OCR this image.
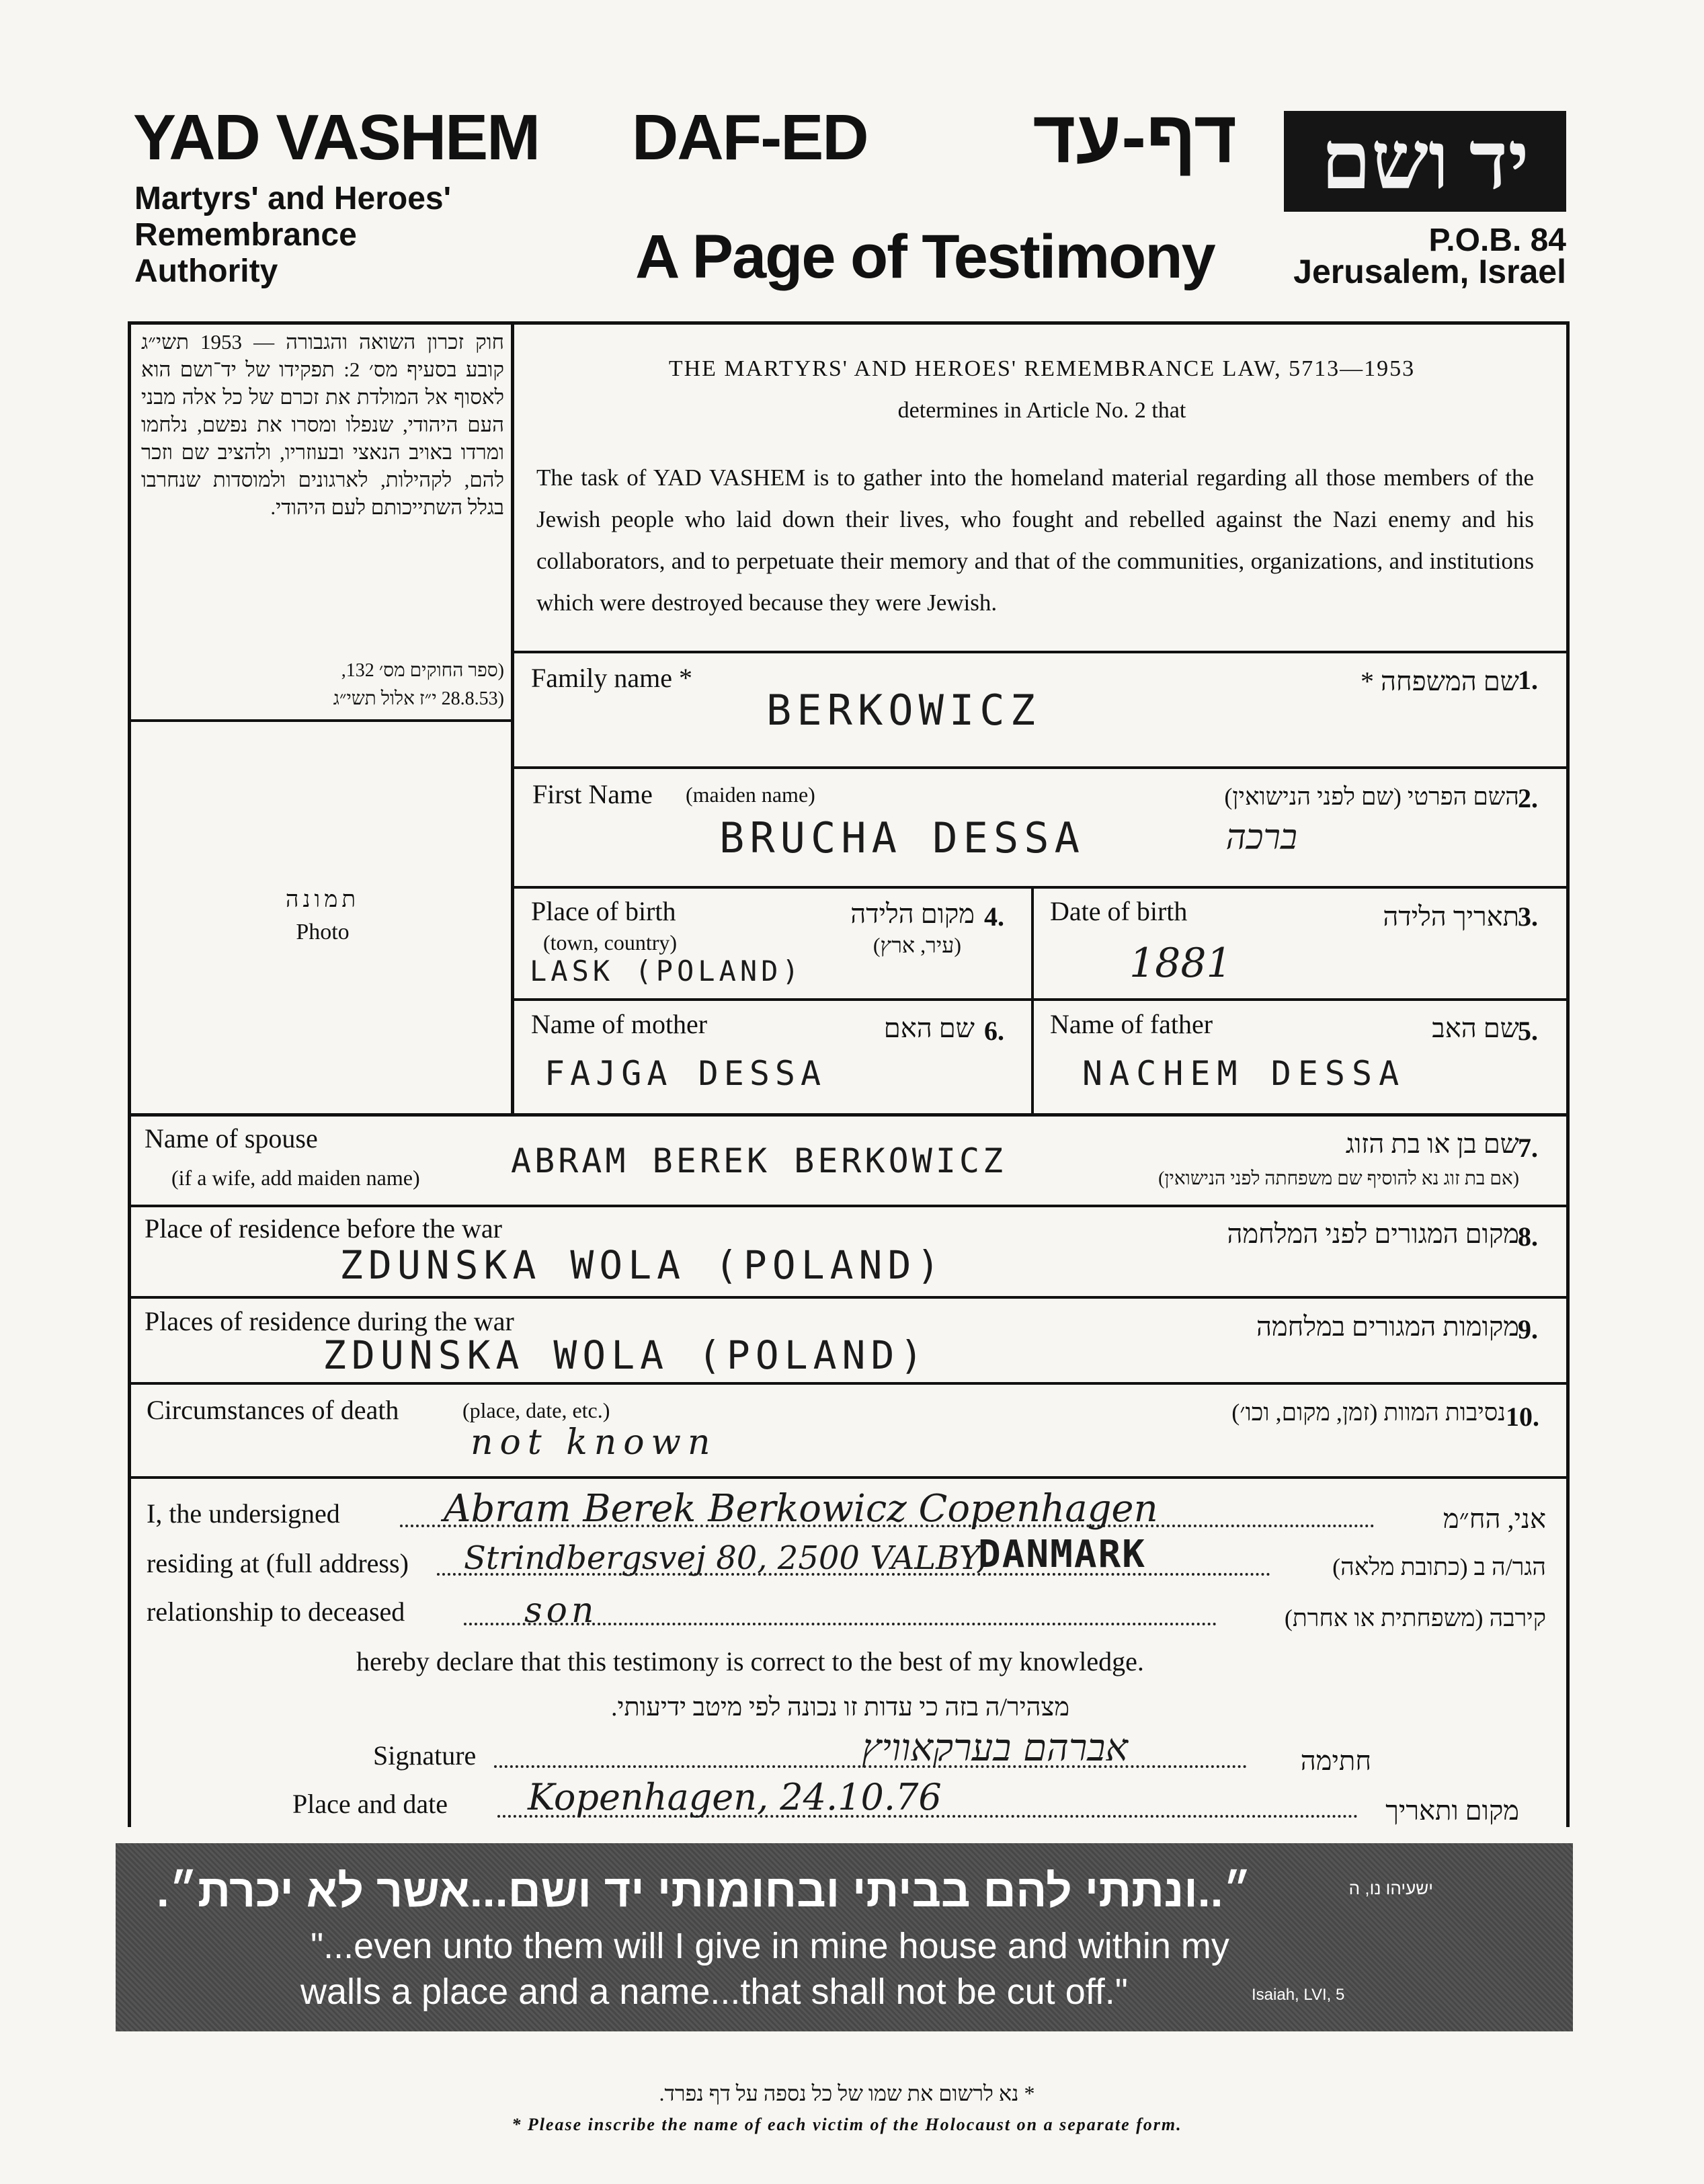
YAD VASHEM
Martyrs' and Heroes'
Remembrance
Authority
DAF-ED	דף-עד
A Page of Testimony
יד ושם
P.O.B. 84
Jerusalem, Israel
חוק זכרון השואה והגבורה — 1953 תשי״ג קובע בסעיף מס׳ 2: תפקידו של יד־ושם הוא לאסוף אל המולדת את זכרם של כל אלה מבני העם היהודי, שנפלו ומסרו את נפשם, נלחמו ומרדו באויב הנאצי ובעוזריו, ולהציב שם וזכר להם, לקהילות, לארגונים ולמוסדות שנחרבו בגלל השתייכותם לעם היהודי.
(ספר החוקים מס׳ 132,
(28.8.53 י״ז אלול תשי״ג
תמונה
Photo
THE MARTYRS' AND HEROES' REMEMBRANCE LAW, 5713—1953
determines in Article No. 2 that
The task of YAD VASHEM is to gather into the homeland material regarding all those members of the Jewish people who laid down their lives, who fought and rebelled against the Nazi enemy and his collaborators, and to perpetuate their memory and that of the communities, organizations, and institutions which were destroyed because they were Jewish.
Family name *	שם המשפחה *
1.
BERKOWICZ
First Name (maiden name)	השם הפרטי (שם לפני הנישואין)
2.
BRUCHA DESSA	ברכה
Place of birth
(town, country)
מקום הלידה
(עיר, ארץ)
4.
LASK (POLAND)
Date of birth	תאריך הלידה
3.
1881
Name of mother	שם האם 6.
FAJGA DESSA
Name of father	שם האב
5.
NACHEM DESSA
Name of spouse
(if a wife, add maiden name)
שם בן או בת הזוג
(אם בת זוג נא להוסיף שם משפחתה לפני הנישואין)
7.
ABRAM BEREK BERKOWICZ
Place of residence before the war	מקום המגורים לפני המלחמה
8.
ZDUNSKA WOLA (POLAND)
Places of residence during the war	מקומות המגורים במלחמה
9.
ZDUNSKA WOLA (POLAND)
Circumstances of death	(place, date, etc.)	נסיבות המוות (זמן, מקום, וכו׳) 10.
not known
I, the undersigned	Abram Berek Berkowicz Copenhagen	אני, הח״מ
residing at (full address) Strindbergsvej 80, 2500 VALBY,
DANMARK	הגר/ה ב (כתובת מלאה)
relationship to deceased	son	קירבה (משפחתית או אחרת)
hereby declare that this testimony is correct to the best of my knowledge.
מצהיר/ה בזה כי עדות זו נכונה לפי מיטב ידיעותי.
Signature	אברהם בערקאוויץ	חתימה
Place and date Kopenhagen, 24.10.76	מקום ותאריך
״..ונתתי להם בביתי ובחומותי יד ושם...אשר לא יכרת״.	ישעיהו נו, ה
"...even unto them will I give in mine house and within my
walls a place and a name...that shall not be cut off."	Isaiah, LVI, 5
* נא לרשום את שמו של כל נספה על דף נפרד.
* Please inscribe the name of each victim of the Holocaust on a separate form.
